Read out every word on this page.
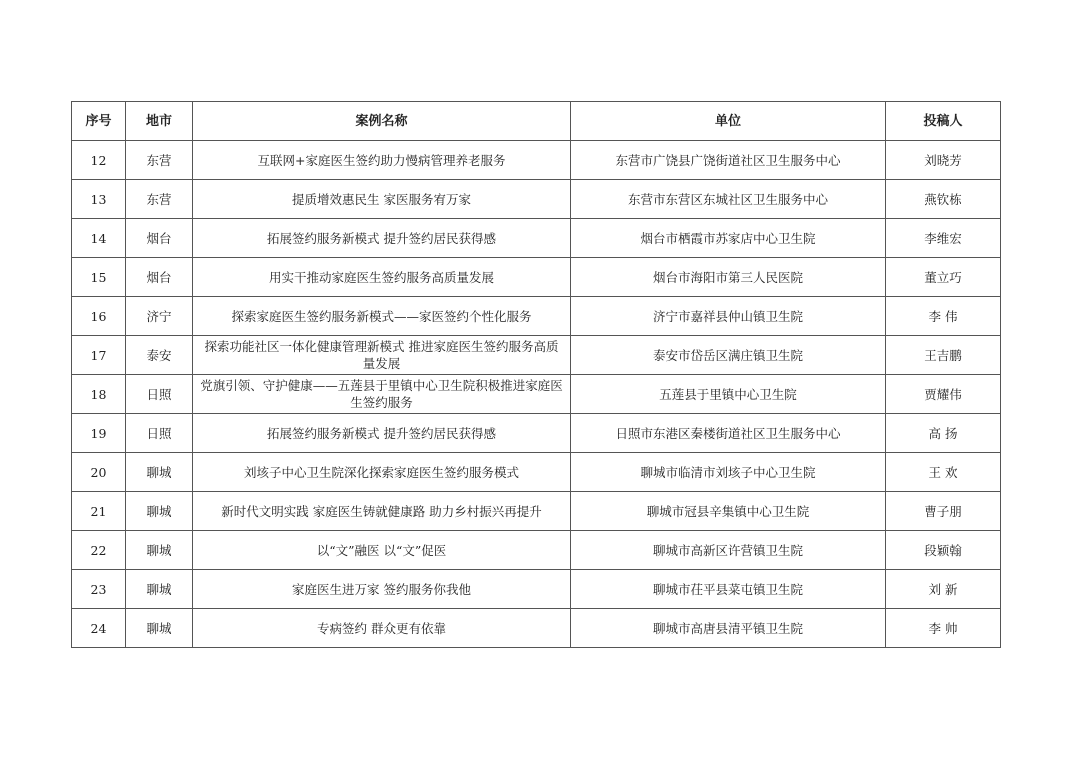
序号	地市	案例名称	单位	投稿人
12	东营	互联网+家庭医生签约助力慢病管理养老服务	东营市广饶县广饶街道社区卫生服务中心	刘晓芳
13	东营	提质增效惠民生 家医服务宥万家	东营市东营区东城社区卫生服务中心	燕钦栋
14	烟台	拓展签约服务新模式 提升签约居民获得感	烟台市栖霞市苏家店中心卫生院	李维宏
15	烟台	用实干推动家庭医生签约服务高质量发展	烟台市海阳市第三人民医院	董立巧
16	济宁	探索家庭医生签约服务新模式——家医签约个性化服务	济宁市嘉祥县仲山镇卫生院	李 伟
17	泰安	探索功能社区一体化健康管理新模式 推进家庭医生签约服务高质量发展	泰安市岱岳区满庄镇卫生院	王吉鹏
18	日照	党旗引领、守护健康——五莲县于里镇中心卫生院积极推进家庭医生签约服务	五莲县于里镇中心卫生院	贾耀伟
19	日照	拓展签约服务新模式 提升签约居民获得感	日照市东港区秦楼街道社区卫生服务中心	高 扬
20	聊城	刘垓子中心卫生院深化探索家庭医生签约服务模式	聊城市临清市刘垓子中心卫生院	王 欢
21	聊城	新时代文明实践 家庭医生铸就健康路 助力乡村振兴再提升	聊城市冠县辛集镇中心卫生院	曹子朋
22	聊城	以“文”融医 以“文”促医	聊城市高新区许营镇卫生院	段颖翰
23	聊城	家庭医生进万家 签约服务你我他	聊城市茌平县菜屯镇卫生院	刘 新
24	聊城	专病签约 群众更有依靠	聊城市高唐县清平镇卫生院	李 帅
